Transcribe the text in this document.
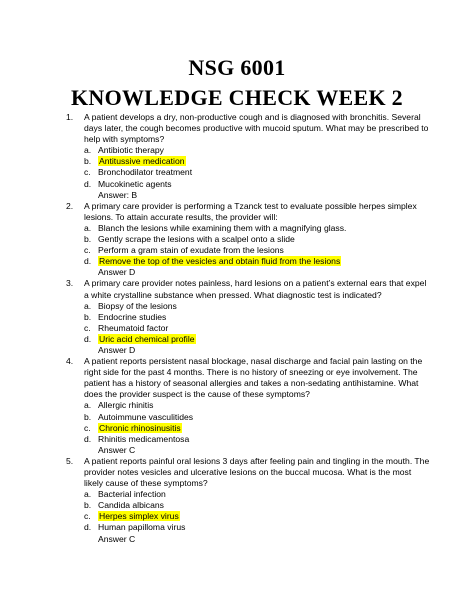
NSG 6001
KNOWLEDGE CHECK WEEK 2
1. A patient develops a dry, non-productive cough and is diagnosed with bronchitis. Several days later, the cough becomes productive with mucoid sputum. What may be prescribed to help with symptoms?
a. Antibiotic therapy
b. Antitussive medication
c. Bronchodilator treatment
d. Mucokinetic agents
Answer: B
2. A primary care provider is performing a Tzanck test to evaluate possible herpes simplex lesions. To attain accurate results, the provider will:
a. Blanch the lesions while examining them with a magnifying glass.
b. Gently scrape the lesions with a scalpel onto a slide
c. Perform a gram stain of exudate from the lesions
d. Remove the top of the vesicles and obtain fluid from the lesions
Answer D
3. A primary care provider notes painless, hard lesions on a patient’s external ears that expel a white crystalline substance when pressed. What diagnostic test is indicated?
a. Biopsy of the lesions
b. Endocrine studies
c. Rheumatoid factor
d. Uric acid chemical profile
Answer D
4. A patient reports persistent nasal blockage, nasal discharge and facial pain lasting on the right side for the past 4 months. There is no history of sneezing or eye involvement. The patient has a history of seasonal allergies and takes a non-sedating antihistamine. What does the provider suspect is the cause of these symptoms?
a. Allergic rhinitis
b. Autoimmune vasculitides
c. Chronic rhinosinusitis
d. Rhinitis medicamentosa
Answer C
5. A patient reports painful oral lesions 3 days after feeling pain and tingling in the mouth. The provider notes vesicles and ulcerative lesions on the buccal mucosa. What is the most likely cause of these symptoms?
a. Bacterial infection
b. Candida albicans
c. Herpes simplex virus
d. Human papilloma virus
Answer C
